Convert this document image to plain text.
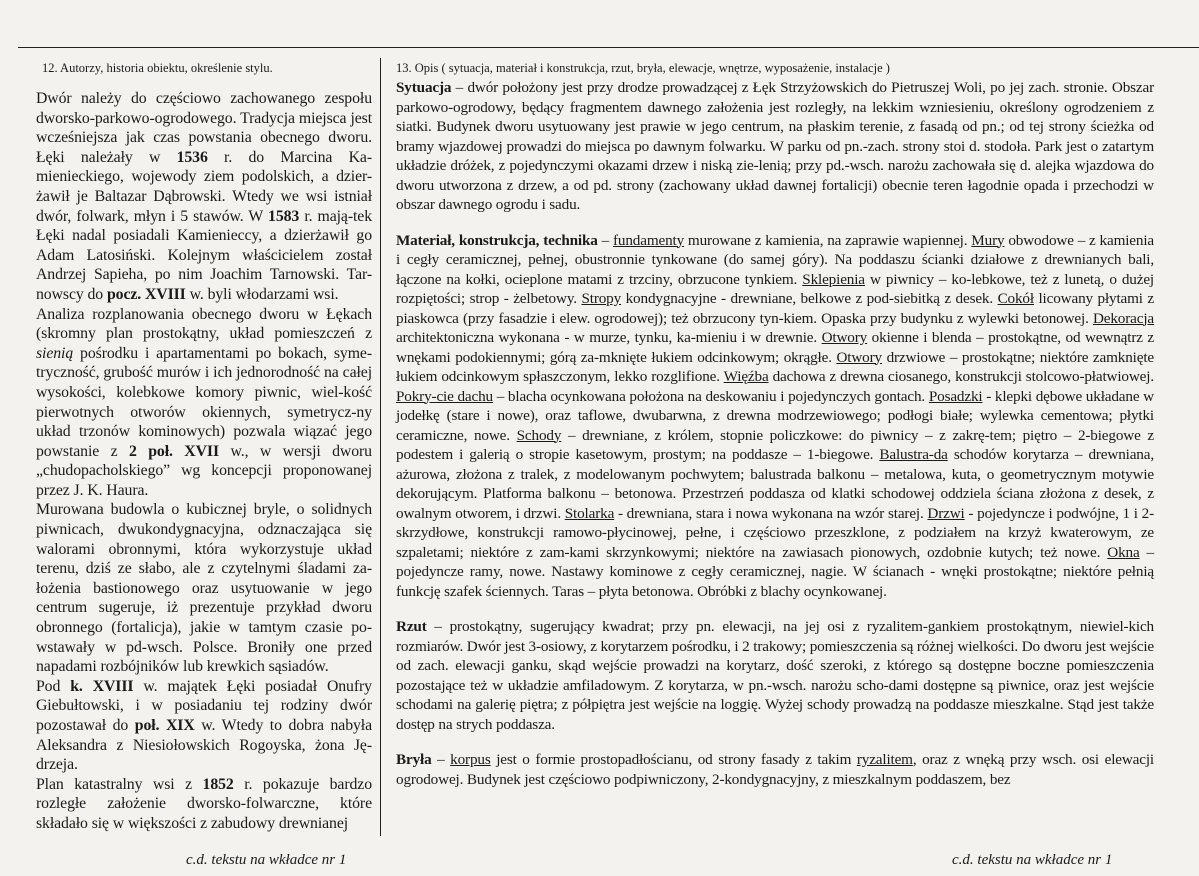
12. Autorzy, historia obiektu, określenie stylu.

Dwór należy do częściowo zachowanego zespołu dworsko-parkowo-ogrodowego. Tradycja miejsca jest wcześniejsza jak czas powstania obecnego dworu. Łęki należały w 1536 r. do Marcina Ka-mienieckiego, wojewody ziem podolskich, a dzier-żawił je Baltazar Dąbrowski. Wtedy we wsi istniał dwór, folwark, młyn i 5 stawów. W 1583 r. mają-tek Łęki nadal posiadali Kamienieccy, a dzierżawił go Adam Latosiński. Kolejnym właścicielem został Andrzej Sapieha, po nim Joachim Tarnowski. Tar-nowscy do pocz. XVIII w. byli włodarzami wsi.
Analiza rozplanowania obecnego dworu w Łękach (skromny plan prostokątny, układ pomieszczeń z sienią pośrodku i apartamentami po bokach, syme-tryczność, grubość murów i ich jednorodność na całej wysokości, kolebkowe komory piwnic, wiel-kość pierwotnych otworów okiennych, symetrycz-ny układ trzonów kominowych) pozwala wiązać jego powstanie z 2 poł. XVII w., w wersji dworu „chudopacholskiego” wg koncepcji proponowanej przez J. K. Haura.
Murowana budowla o kubicznej bryle, o solidnych piwnicach, dwukondygnacyjna, odznaczająca się walorami obronnymi, która wykorzystuje układ terenu, dziś ze słabo, ale z czytelnymi śladami za-łożenia bastionowego oraz usytuowanie w jego centrum sugeruje, iż prezentuje przykład dworu obronnego (fortalicja), jakie w tamtym czasie po-wstawały w pd-wsch. Polsce. Broniły one przed napadami rozbójników lub krewkich sąsiadów.
Pod k. XVIII w. majątek Łęki posiadał Onufry Giebułtowski, i w posiadaniu tej rodziny dwór pozostawał do poł. XIX w. Wtedy to dobra nabyła Aleksandra z Niesiołowskich Rogoyska, żona Ję-drzeja.
Plan katastralny wsi z 1852 r. pokazuje bardzo rozległe założenie dworsko-folwarczne, które składało się w większości z zabudowy drewnianej

13. Opis ( sytuacja, materiał i konstrukcja, rzut, bryła, elewacje, wnętrze, wyposażenie, instalacje )

Sytuacja – dwór położony jest przy drodze prowadzącej z Łęk Strzyżowskich do Pietruszej Woli, po jej zach. stronie. Obszar parkowo-ogrodowy, będący fragmentem dawnego założenia jest rozległy, na lekkim wzniesieniu, określony ogrodzeniem z siatki. Budynek dworu usytuowany jest prawie w jego centrum, na płaskim terenie, z fasadą od pn.; od tej strony ścieżka od bramy wjazdowej prowadzi do miejsca po dawnym folwarku. W parku od pn.-zach. strony stoi d. stodoła. Park jest o zatartym układzie dróżek, z pojedynczymi okazami drzew i niską zie-lenią; przy pd.-wsch. narożu zachowała się d. alejka wjazdowa do dworu utworzona z drzew, a od pd. strony (zachowany układ dawnej fortalicji) obecnie teren łagodnie opada i przechodzi w obszar dawnego ogrodu i sadu.

Materiał, konstrukcja, technika – fundamenty murowane z kamienia, na zaprawie wapiennej. Mury obwodowe – z kamienia i cegły ceramicznej, pełnej, obustronnie tynkowane (do samej góry). Na poddaszu ścianki działowe z drewnianych bali, łączone na kołki, ocieplone matami z trzciny, obrzucone tynkiem. Sklepienia w piwnicy – ko-lebkowe, też z lunetą, o dużej rozpiętości; strop - żelbetowy. Stropy kondygnacyjne - drewniane, belkowe z pod-siebitką z desek. Cokół licowany płytami z piaskowca (przy fasadzie i elew. ogrodowej); też obrzucony tyn-kiem. Opaska przy budynku z wylewki betonowej. Dekoracja architektoniczna wykonana - w murze, tynku, ka-mieniu i w drewnie. Otwory okienne i blenda – prostokątne, od wewnątrz z wnękami podokiennymi; górą za-mknięte łukiem odcinkowym; okrągłe. Otwory drzwiowe – prostokątne; niektóre zamknięte łukiem odcinkowym spłaszczonym, lekko rozglifione. Więźba dachowa z drewna ciosanego, konstrukcji stolcowo-płatwiowej. Pokry-cie dachu – blacha ocynkowana położona na deskowaniu i pojedynczych gontach. Posadzki - klepki dębowe układane w jodełkę (stare i nowe), oraz taflowe, dwubarwna, z drewna modrzewiowego; podłogi białe; wylewka cementowa; płytki ceramiczne, nowe. Schody – drewniane, z królem, stopnie policzkowe: do piwnicy – z zakrę-tem; piętro – 2-biegowe z podestem i galerią o stropie kasetowym, prostym; na poddasze – 1-biegowe. Balustra-da schodów korytarza – drewniana, ażurowa, złożona z tralek, z modelowanym pochwytem; balustrada balkonu – metalowa, kuta, o geometrycznym motywie dekorującym. Platforma balkonu – betonowa. Przestrzeń poddasza od klatki schodowej oddziela ściana złożona z desek, z owalnym otworem, i drzwi. Stolarka - drewniana, stara i nowa wykonana na wzór starej. Drzwi - pojedyncze i podwójne, 1 i 2-skrzydłowe, konstrukcji ramowo-płycinowej, pełne, i częściowo przeszklone, z podziałem na krzyż kwaterowym, ze szpaletami; niektóre z zam-kami skrzynkowymi; niektóre na zawiasach pionowych, ozdobnie kutych; też nowe. Okna – pojedyncze ramy, nowe. Nastawy kominowe z cegły ceramicznej, nagie. W ścianach - wnęki prostokątne; niektóre pełnią funkcję szafek ściennych. Taras – płyta betonowa. Obróbki z blachy ocynkowanej.

Rzut – prostokątny, sugerujący kwadrat; przy pn. elewacji, na jej osi z ryzalitem-gankiem prostokątnym, niewiel-kich rozmiarów. Dwór jest 3-osiowy, z korytarzem pośrodku, i 2 trakowy; pomieszczenia są różnej wielkości. Do dworu jest wejście od zach. elewacji ganku, skąd wejście prowadzi na korytarz, dość szeroki, z którego są dostępne boczne pomieszczenia pozostające też w układzie amfiladowym. Z korytarza, w pn.-wsch. narożu scho-dami dostępne są piwnice, oraz jest wejście schodami na galerię piętra; z półpiętra jest wejście na loggię. Wyżej schody prowadzą na poddasze mieszkalne. Stąd jest także dostęp na strych poddasza.

Bryła – korpus jest o formie prostopadłościanu, od strony fasady z takim ryzalitem, oraz z wnęką przy wsch. osi elewacji ogrodowej. Budynek jest częściowo podpiwniczony, 2-kondygnacyjny, z mieszkalnym poddaszem, bez

c.d. tekstu na wkładce nr 1	c.d. tekstu na wkładce nr 1
